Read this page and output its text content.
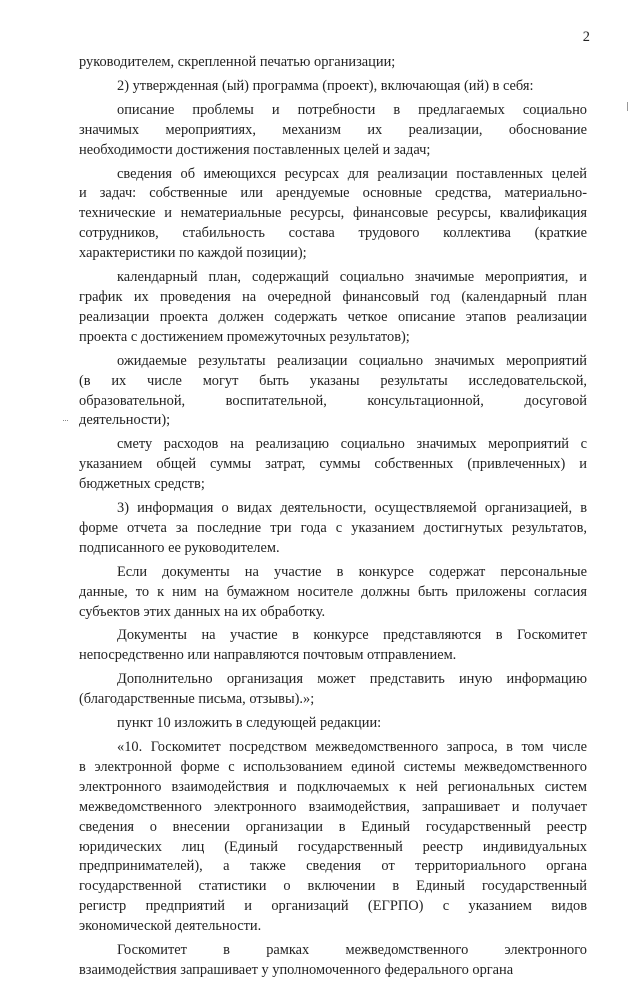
2
руководителем, скрепленной печатью организации;
2) утвержденная (ый) программа (проект), включающая (ий) в себя:
описание проблемы и потребности в предлагаемых социально
значимых мероприятиях, механизм их реализации, обоснование
необходимости достижения поставленных целей и задач;
сведения об имеющихся ресурсах для реализации поставленных целей
и задач: собственные или арендуемые основные средства, материально-
технические и нематериальные ресурсы, финансовые ресурсы, квалификация
сотрудников, стабильность состава трудового коллектива (краткие
характеристики по каждой позиции);
календарный план, содержащий социально значимые мероприятия, и
график их проведения на очередной финансовый год (календарный план
реализации проекта должен содержать четкое описание этапов реализации
проекта с достижением промежуточных результатов);
ожидаемые результаты реализации социально значимых мероприятий
(в их числе могут быть указаны результаты исследовательской,
образовательной, воспитательной, консультационной, досуговой
деятельности);
смету расходов на реализацию социально значимых мероприятий с
указанием общей суммы затрат, суммы собственных (привлеченных) и
бюджетных средств;
3) информация о видах деятельности, осуществляемой организацией, в
форме отчета за последние три года с указанием достигнутых результатов,
подписанного ее руководителем.
Если документы на участие в конкурсе содержат персональные
данные, то к ним на бумажном носителе должны быть приложены согласия
субъектов этих данных на их обработку.
Документы на участие в конкурсе представляются в Госкомитет
непосредственно или направляются почтовым отправлением.
Дополнительно организация может представить иную информацию
(благодарственные письма, отзывы).»;
пункт 10 изложить в следующей редакции:
«10. Госкомитет посредством межведомственного запроса, в том числе
в электронной форме с использованием единой системы межведомственного
электронного взаимодействия и подключаемых к ней региональных систем
межведомственного электронного взаимодействия, запрашивает и получает
сведения о внесении организации в Единый государственный реестр
юридических лиц (Единый государственный реестр индивидуальных
предпринимателей), а также сведения от территориального органа
государственной статистики о включении в Единый государственный
регистр предприятий и организаций (ЕГРПО) с указанием видов
экономической деятельности.
Госкомитет в рамках межведомственного электронного
взаимодействия запрашивает у уполномоченного федерального органа
